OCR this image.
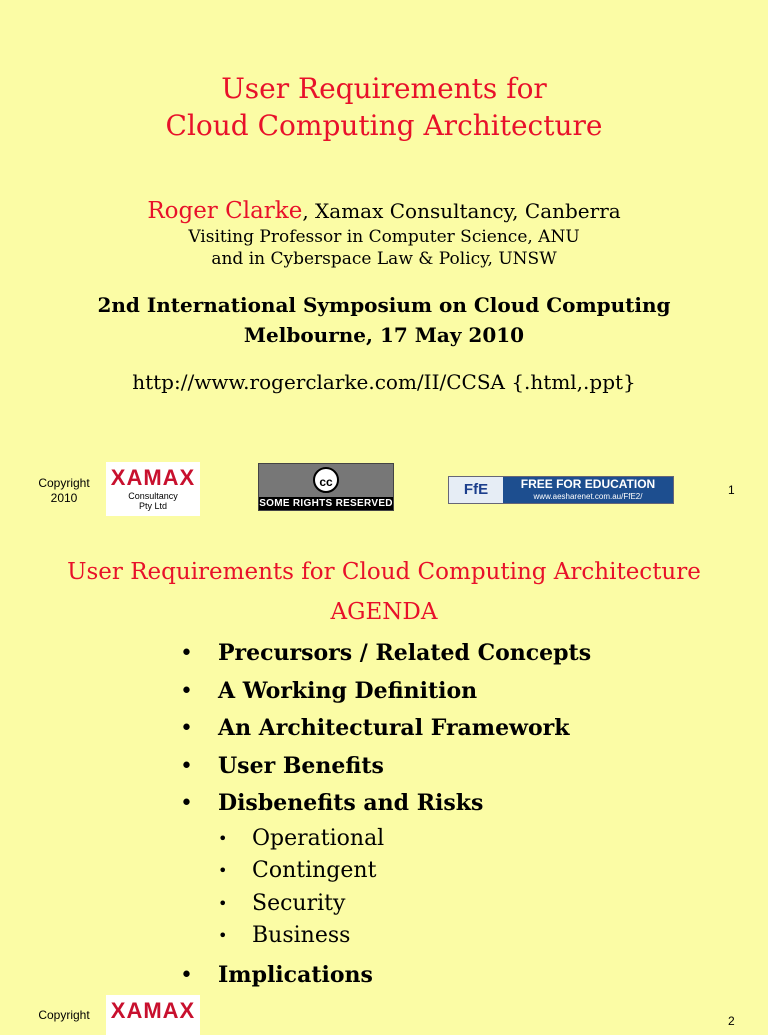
User Requirements for
Cloud Computing Architecture
Roger Clarke, Xamax Consultancy, Canberra
Visiting Professor in Computer Science, ANU
and in Cyberspace Law & Policy, UNSW
2nd International Symposium on Cloud Computing
Melbourne, 17 May 2010
http://www.rogerclarke.com/II/CCSA {.html,.ppt}
Copyright
2010
XAMAX
Consultancy
Pty Ltd
cc
SOME RIGHTS RESERVED
FfE	FREE FOR EDUCATION
www.aesharenet.com.au/FfE2/	1
User Requirements for Cloud Computing Architecture
AGENDA
• Precursors / Related Concepts
• A Working Definition
• An Architectural Framework
• User Benefits
• Disbenefits and Risks
• Operational
• Contingent
• Security
• Business
• Implications
Copyright XAMAX	2
